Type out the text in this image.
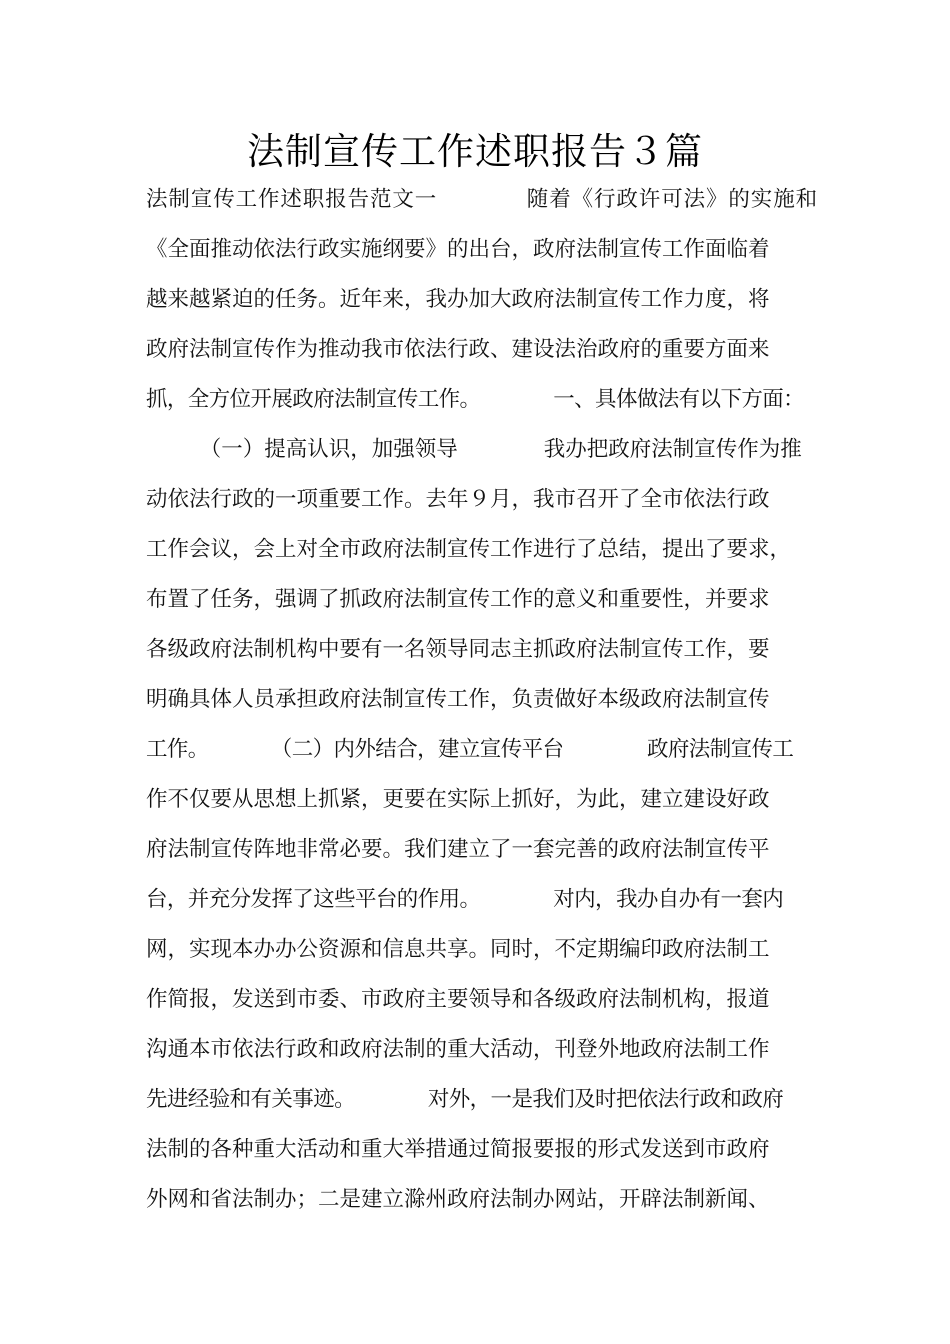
法制宣传工作述职报告３篇
法制宣传工作述职报告范文一　　　　随着《行政许可法》的实施和
《全面推动依法行政实施纲要》的出台，政府法制宣传工作面临着
越来越紧迫的任务。近年来，我办加大政府法制宣传工作力度，将
政府法制宣传作为推动我市依法行政、建设法治政府的重要方面来
抓，全方位开展政府法制宣传工作。　　　　一、具体做法有以下方面：
　　　（一）提高认识，加强领导　　　　我办把政府法制宣传作为推
动依法行政的一项重要工作。去年９月，我市召开了全市依法行政
工作会议，会上对全市政府法制宣传工作进行了总结，提出了要求，
布置了任务，强调了抓政府法制宣传工作的意义和重要性，并要求
各级政府法制机构中要有一名领导同志主抓政府法制宣传工作，要
明确具体人员承担政府法制宣传工作，负责做好本级政府法制宣传
工作。　　　　（二）内外结合，建立宣传平台　　　　政府法制宣传工
作不仅要从思想上抓紧，更要在实际上抓好，为此，建立建设好政
府法制宣传阵地非常必要。我们建立了一套完善的政府法制宣传平
台，并充分发挥了这些平台的作用。　　　　对内，我办自办有一套内
网，实现本办办公资源和信息共享。同时，不定期编印政府法制工
作简报，发送到市委、市政府主要领导和各级政府法制机构，报道
沟通本市依法行政和政府法制的重大活动，刊登外地政府法制工作
先进经验和有关事迹。　　　　对外，一是我们及时把依法行政和政府
法制的各种重大活动和重大举措通过简报要报的形式发送到市政府
外网和省法制办；二是建立滁州政府法制办网站，开辟法制新闻、
